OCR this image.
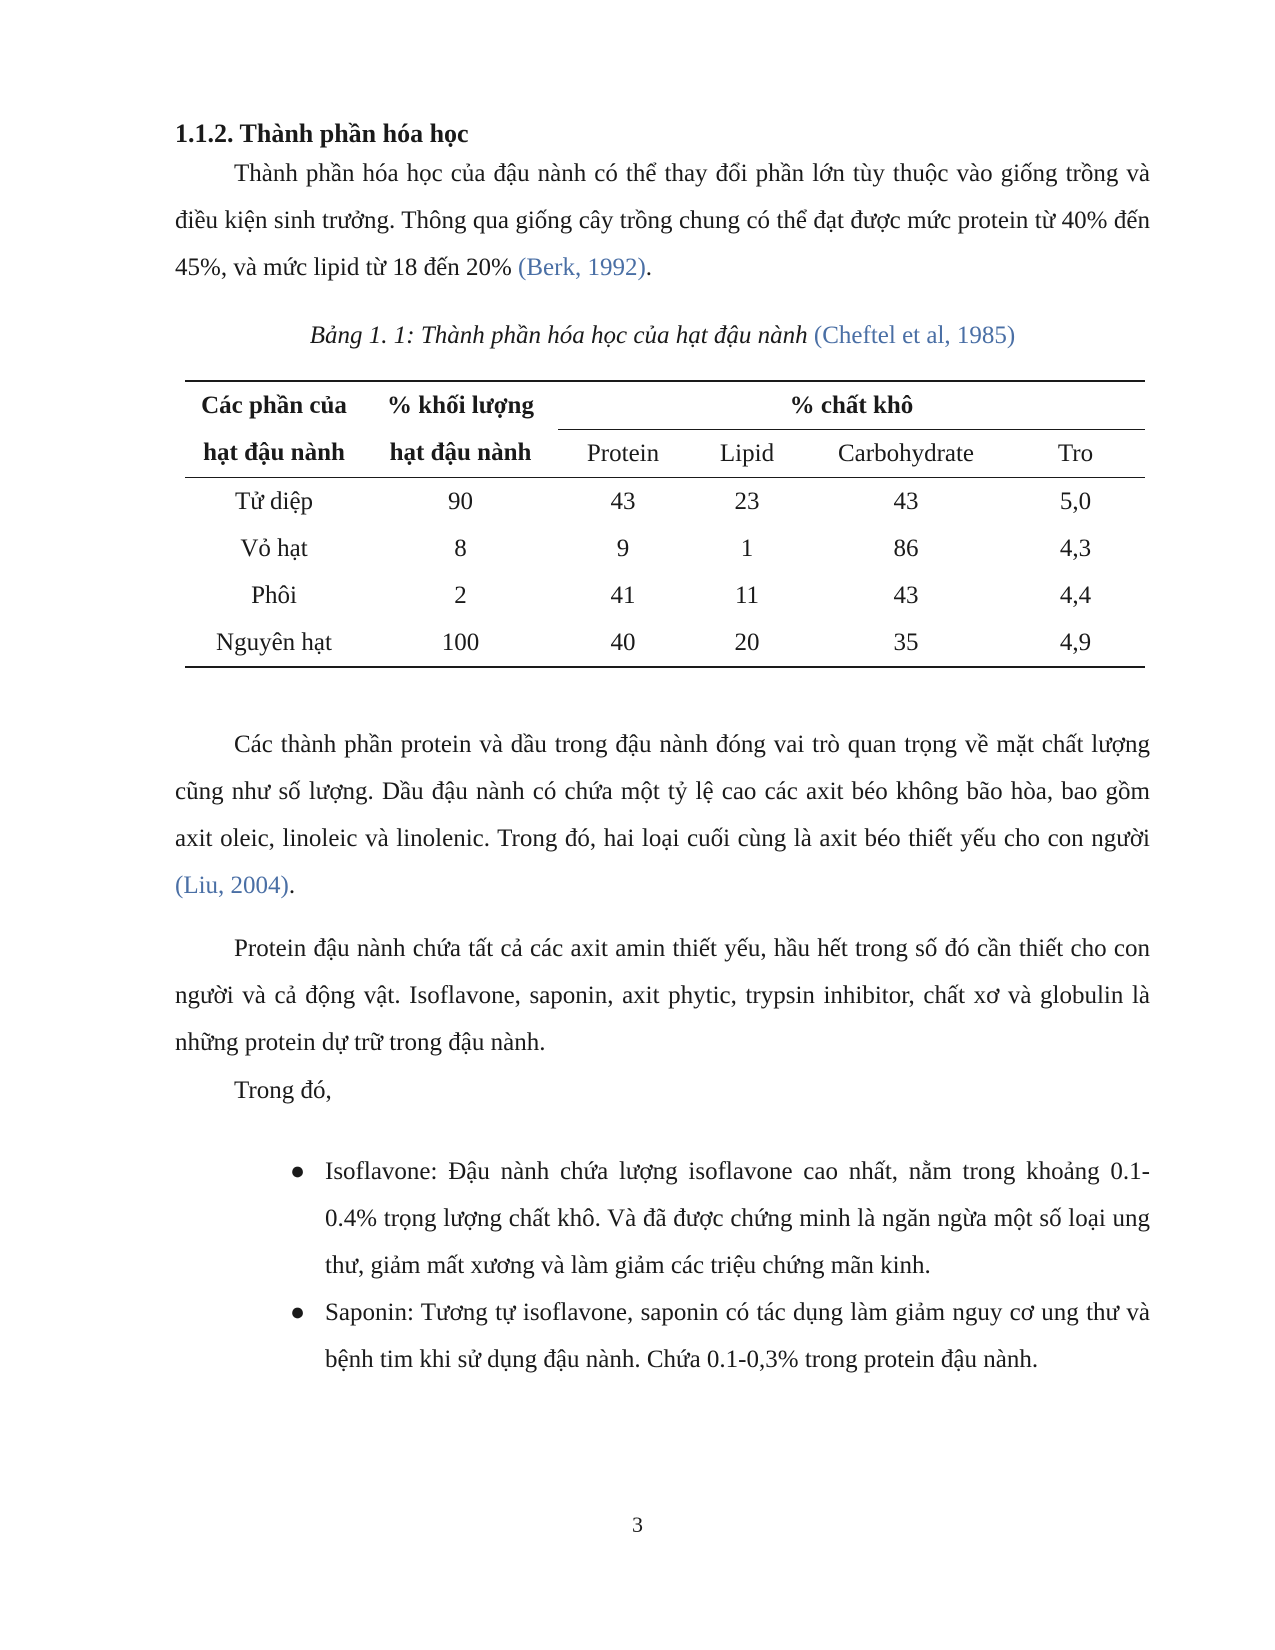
1.1.2. Thành phần hóa học

Thành phần hóa học của đậu nành có thể thay đổi phần lớn tùy thuộc vào giống trồng và điều kiện sinh trưởng. Thông qua giống cây trồng chung có thể đạt được mức protein từ 40% đến 45%, và mức lipid từ 18 đến 20% (Berk, 1992).

Bảng 1. 1: Thành phần hóa học của hạt đậu nành (Cheftel et al, 1985)
Các phần của	% khối lượng	% chất khô			
hạt đậu nành	hạt đậu nành	Protein	Lipid	Carbohydrate	Tro
Tử diệp	90	43	23	43	5,0
Vỏ hạt	8	9	1	86	4,3
Phôi	2	41	11	43	4,4
Nguyên hạt	100	40	20	35	4,9

Các thành phần protein và dầu trong đậu nành đóng vai trò quan trọng về mặt chất lượng cũng như số lượng. Dầu đậu nành có chứa một tỷ lệ cao các axit béo không bão hòa, bao gồm axit oleic, linoleic và linolenic. Trong đó, hai loại cuối cùng là axit béo thiết yếu cho con người (Liu, 2004).

Protein đậu nành chứa tất cả các axit amin thiết yếu, hầu hết trong số đó cần thiết cho con người và cả động vật. Isoflavone, saponin, axit phytic, trypsin inhibitor, chất xơ và globulin là những protein dự trữ trong đậu nành.

Trong đó,

● Isoflavone: Đậu nành chứa lượng isoflavone cao nhất, nằm trong khoảng 0.1-0.4% trọng lượng chất khô. Và đã được chứng minh là ngăn ngừa một số loại ung thư, giảm mất xương và làm giảm các triệu chứng mãn kinh.
● Saponin: Tương tự isoflavone, saponin có tác dụng làm giảm nguy cơ ung thư và bệnh tim khi sử dụng đậu nành. Chứa 0.1-0,3% trong protein đậu nành.
3
